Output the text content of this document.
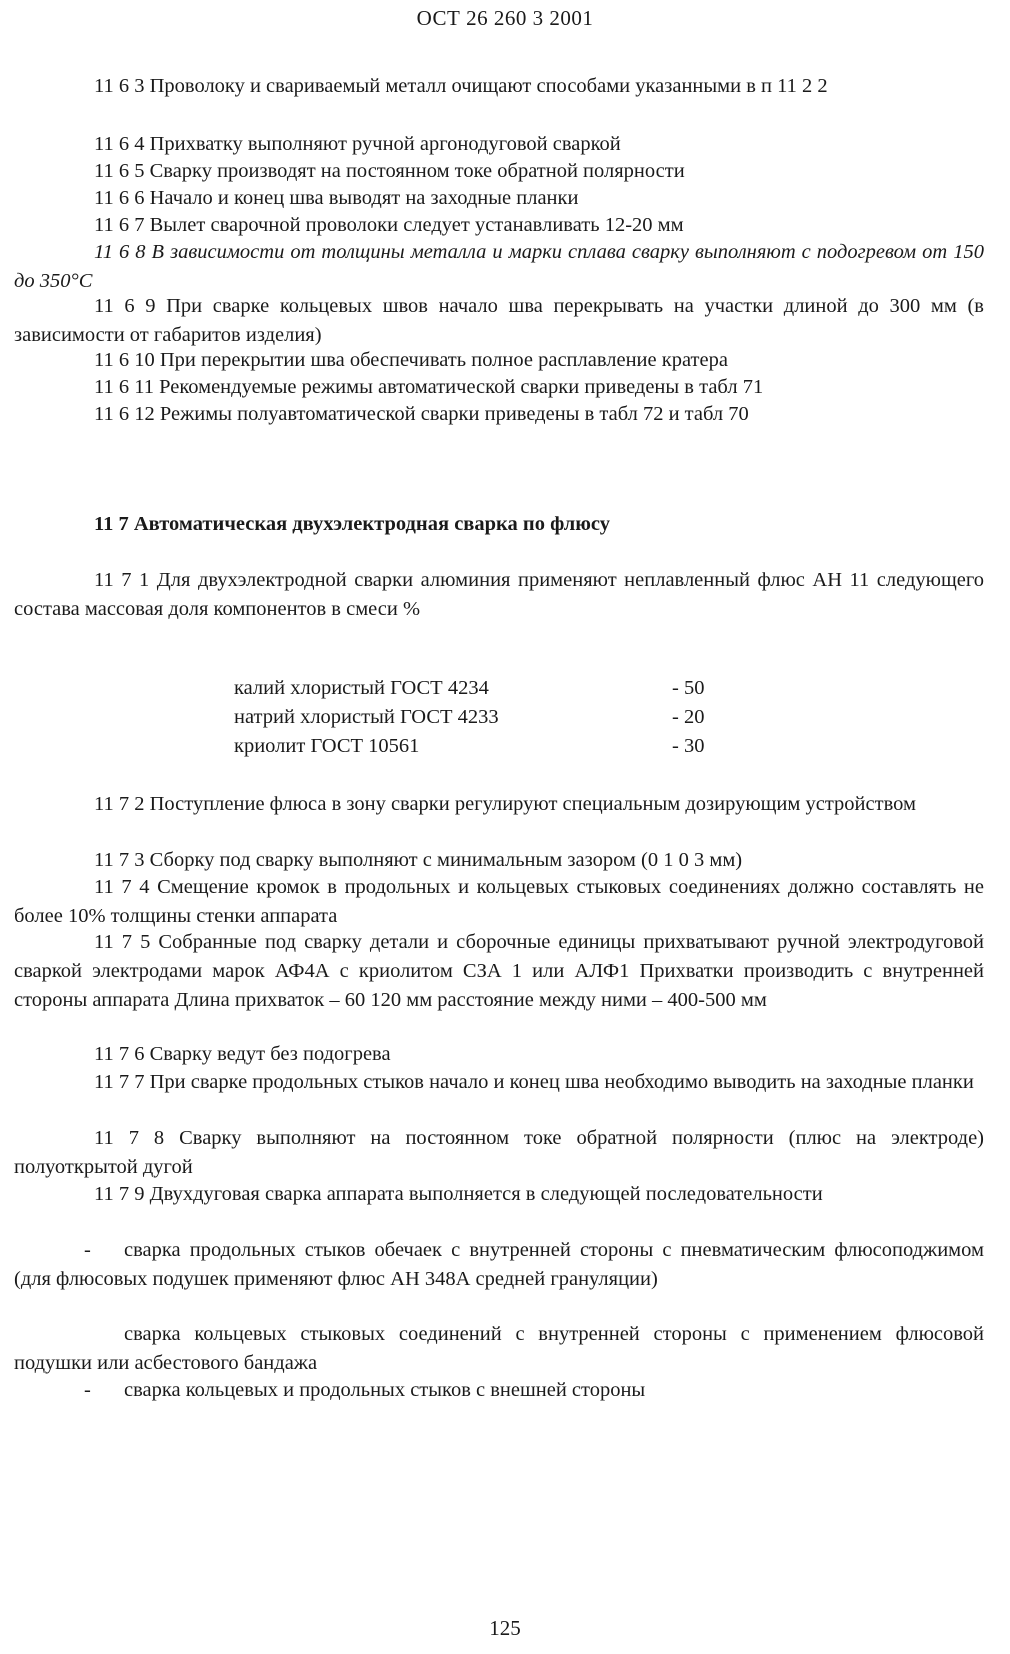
ОСТ 26 260 3 2001

11 6 3 Проволоку и свариваемый металл очищают способами указанными в п 11 2 2

11 6 4 Прихватку выполняют ручной аргонодуговой сваркой

11 6 5 Сварку производят на постоянном токе обратной полярности

11 6 6 Начало и конец шва выводят на заходные планки

11 6 7 Вылет сварочной проволоки следует устанавливать 12-20 мм

11 6 8 В зависимости от толщины металла и марки сплава сварку выполняют с подогревом от 150 до 350°С

11 6 9 При сварке кольцевых швов начало шва перекрывать на участки длиной до 300 мм (в зависимости от габаритов изделия)

11 6 10 При перекрытии шва обеспечивать полное расплавление кратера

11 6 11 Рекомендуемые режимы автоматической сварки приведены в табл 71

11 6 12 Режимы полуавтоматической сварки приведены в табл 72 и табл 70

11 7 Автоматическая двухэлектродная сварка по флюсу

11 7 1 Для двухэлектродной сварки алюминия применяют неплавленный флюс АН 11 следующего состава массовая доля компонентов в смеси %

калий хлористый ГОСТ 4234	- 50
натрий хлористый ГОСТ 4233	- 20
криолит ГОСТ 10561	- 30

11 7 2 Поступление флюса в зону сварки регулируют специальным дозирующим устройством

11 7 3 Сборку под сварку выполняют с минимальным зазором (0 1 0 3 мм)

11 7 4 Смещение кромок в продольных и кольцевых стыковых соединениях должно составлять не более 10% толщины стенки аппарата

11 7 5 Собранные под сварку детали и сборочные единицы прихватывают ручной электродуговой сваркой электродами марок АФ4А с криолитом СЗА 1 или АЛФ1 Прихватки производить с внутренней стороны аппарата Длина прихваток – 60 120 мм расстояние между ними – 400-500 мм

11 7 6 Сварку ведут без подогрева

11 7 7 При сварке продольных стыков начало и конец шва необходимо выводить на заходные планки

11 7 8 Сварку выполняют на постоянном токе обратной полярности (плюс на электроде) полуоткрытой дугой

11 7 9 Двухдуговая сварка аппарата выполняется в следующей последовательности

- сварка продольных стыков обечаек с внутренней стороны с пневматическим флюсоподжимом (для флюсовых подушек применяют флюс АН 348А средней грануляции)

сварка кольцевых стыковых соединений с внутренней стороны с применением флюсовой подушки или асбестового бандажа

- сварка кольцевых и продольных стыков с внешней стороны

125
